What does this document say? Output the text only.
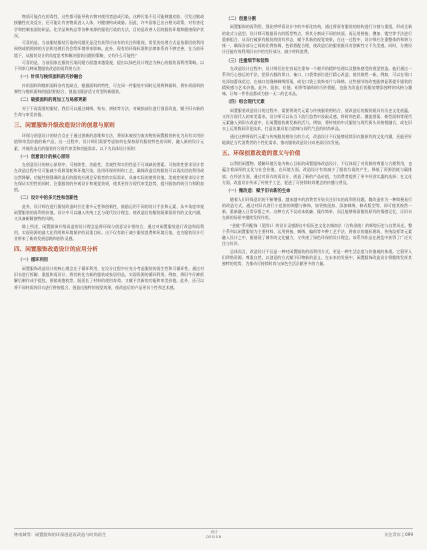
物质可能存在的毒性。这些都可能导致衣物对使用者造成污染。这种污染不仅可能刺激皮肤，引发过敏或接触性皮炎反应，还可能让有害物质进入人体，对健康构成威胁。因此，许多国家已出台相关政策，对有害化学和控制表面纺织品、化学品和药品等各种来源的服装污染的方法，目的是改善人们的服装环境和健康保护状况。

可喜的是，当前服装服装污染的问题还是没有获得应该有的关注和重视。常见的处理方式是依靠回收利用网络或销毁掉的方法和处理后仍会给环境带来影响。此外，现有的环保标准和法律体系尚不够完善，在当前环境下，从服装设计的角度思考和解决服装问题的策略，又有什么可能性？

可喜的是，当前国家在服装污染问题方面越来越重视，提出以绿色设计理念为核心的服装再利用策略。以下列举几种闲置服装改造的再利用方法：

（一）针织与梭织面料的巧妙融合

针织面料和梭织面料各有优缺点，根据面料的特性，可在同一件服装中同时运用两种面料，将针织面料的弹性与梭织面料的挺括相结合，创造出既舒适又有型的新服装。

（二）破损面料的再加工与局部更新

对于不再需要的服装，我们可以通过刺绣、贴布、拼接等方法，对破损部位进行创意改造，赋予旧衣新的生命与审美价值。

三、闲置服饰升级改造设计的创意与原则

环保与创意设计的结合点在于通过创新的思维和方法，将原本被视为废弃物的闲置服装转化为具有实用价值和审美价值的新产品。这一过程中，设计师们需要考虑如何在保持原有服装特色的同时，融入新的设计元素，并使改造后的服装符合现代审美和功能需求。以下为具体设计原则：

（一）创意设计的核心原则

在创意设计的核心原则中，可持续性、功能性、美观性和实用性是不可或缺的要素。可持续性要求设计者在改造过程中尽可能减少资源消耗和环境污染，选用环保材料和工艺，确保改造后的服装可以再次回收利用或自然降解。功能性则强调改造后的服装应满足穿着者的实际需求，具备实际的使用价值。美观性则要求设计者在保证实用性的同时，注重服装的外观设计和视觉效果，使其更符合现代审美趋势，提升服装的吸引力和附加值。

（二）设计中的多元性和创新性

此外，设计师在进行服装改造时应注重多元性和创新性，鼓励运用不同的设计手法和元素，从多角度审视闲置服装的再利用价值。设计中可以融入传统工艺与现代设计理念，使改造后的服装既保留原有的文化内涵，又具备新颖独特的风格。

除上所述，闲置服饰升级再造的设计理念是将环保与创意设计相结合，通过对闲置服装进行改造和再利用，实现资源的最大化利用和环境保护的双重目标。这不仅有助于减少服装浪费和环境污染，也为服装设计行业带来了新的发展思路和创作灵感。

四、闲置服饰改造设计的应用分析
（一）循环利用

闲置服饰改造设计的核心理念在于循环利用，在设计过程中应充分考虑服装的再生性和可循环性。通过对旧衣进行拆解、重组和再设计，将其转化为新的服装或家居用品，实现资源的循环利用。例如，将旧牛仔裤拆解后制作成手提包、围裙或抱枕等，既延长了材料的使用寿命，又赋予其新的功能和审美价值。此外，还可以将不同材质的旧衣进行拼接组合，创造出独特的视觉效果，使改造后的产品更具个性和艺术感。

（二）创意分割

闲置服饰的再利用，强化呼呼看设计中的多样化结构，通过将原有服装的结构进行分割与重组，形成全新的款式与造型。设计师可根据旧衣的版型特点，将其分割成不同的块面，再运用拼接、叠加、镂空等手法进行重新组合，从而打破原有服装的固有形态，赋予其新的视觉效果。在这一过程中，设计师应注重整体的和谐与统一，确保各部分之间的比例协调、色彩搭配合理，使改造后的服装既具有创新性又不失美感。同时，分割设计还能有效利用旧衣中的完好部分，减少材料浪费。

（三）注重细节和装饰

在改造设计过程中，设计师们往往容易注重每一个细节的精妙处理以及整体感受的视觉营造。他们通过一系列巧心独运的手法，把旧衣服的领口、袖口、口袋等部位进行精心改造，使其焕然一新。例如，可以在领口处添加蕾丝花边，在袖口处缝制刺绣图案，或在口袋上装饰亮片与珠绣，这些细节的改变能够显著提升服装的精致感与艺术价值。此外，纽扣、拉链、织带等辅料的巧妙搭配，也能为改造后的服装增添独特的风格与趣味，让每一件作品都成为独一无二的艺术品。

（四）组合现代元素

闲置服装改造设计的过程中，需要将现代元素与传统服装相结合，使改造后的服装既具有历史文化底蕴，又符合现代人的审美需求。设计师可以从当下流行趋势中汲取灵感，将时尚色彩、潮流图案、新型面料等现代元素融入到旧衣改造中，让闲置服装焕发新的活力。例如，将传统的中式服装与现代街头风格相融合，或在旧衣上运用数码印花技术，打造出兼具复古韵味与现代气息的时尚单品。

通过这种将现代元素与传统服装相结合的方式，改造设计不仅能够延续旧衣服原有的文化内涵，还能更好地满足当代消费者的个性化需求，推动服装改造设计向更高层次发展。

五、环保创意改造的意义与价值

以利用闲置物、缓解环境污染为核心目标的闲置服饰改造设计，不仅体现了对资源的尊重与合理利用，也蕴含着深厚的文化与社会价值。在环境方面，改造设计有效减少了服装垃圾的产生，降低了资源消耗与碳排放；在经济方面，通过对旧衣的再设计，创造了新的产品价值，为消费者提供了更多经济实惠的选择；在文化方面，改造设计传承了传统手工艺，促进了可持续时尚理念的传播与普及。

（一）微改造：赋予旧衣新的生命

随着人们环保意识的不断增强，越来越多的消费者开始关注旧衣的再利用问题。微改造作为一种简便易行的改造方式，通过对旧衣进行小范围的调整与修饰，如更换纽扣、添加刺绣、修改版型等，即可使其焕然一新，重新融入日常穿搭之中。这种方式不仅成本低廉、操作简单，而且能够保留服装原有的情感记忆，让旧衣在新的场景中继续发挥作用。

“金陵”系列配饰（见图1）的设计灵感源自中国历史文化名城南京（古称金陵）的辉煌历史与自然风光。整个系列以闲置服装为主要材料，运用拼接、刺绣、编织等多种工艺手法，将南京的地标建筑、传统纹样等元素融入设计之中，既展现了城市的文化魅力，又传递了绿色环保的设计理念。该系列作品在展览中获得了广泛关注与好评。

总体而言，改造设计不仅是一种对闲置服装的再利用方式，更是一种生活态度与价值观的体现。它倡导人们珍惜资源、尊重自然，以创意的方式赋予旧物新的意义。在未来的发展中，闲置服饰改造设计将继续发挥其独特的优势，为推动可持续时尚与绿色生活贡献更多的力量。

钟南城等：闲置服饰的环保创意再改造与时尚再生	设计
DESIGN	关注青年 | 099
